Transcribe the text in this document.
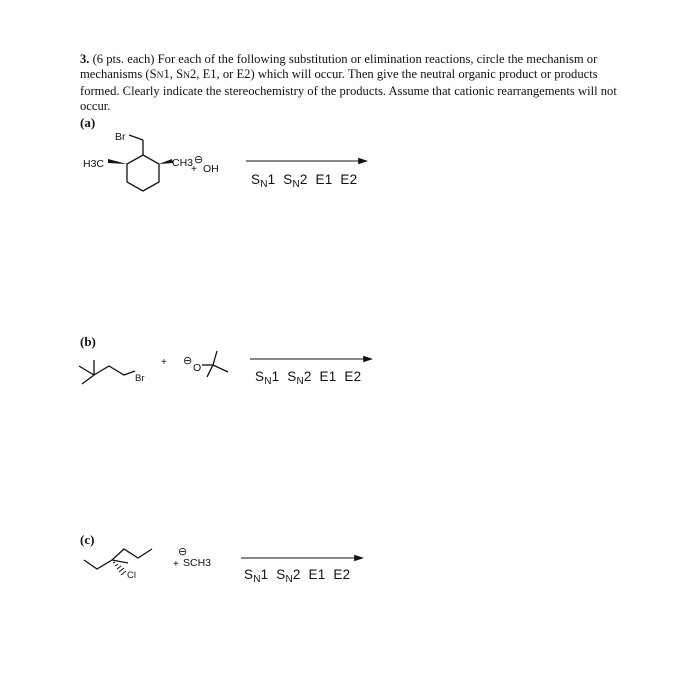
3. (6 pts. each) For each of the following substitution or elimination reactions, circle the mechanism or mechanisms (SN1, SN2, E1, or E2) which will occur. Then give the neutral organic product or products formed. Clearly indicate the stereochemistry of the products. Assume that cationic rearrangements will not occur.
(a)
(b)
(c)
$S_N1$ $S_N2$ E1 E2
$S_N1$ $S_N2$ E1 E2
$S_N1$ $S_N2$ E1 E2
Br
H3C	CH3
+
⊖
OH
Br
+ ⊖
O
Cl
+
⊖
SCH3
